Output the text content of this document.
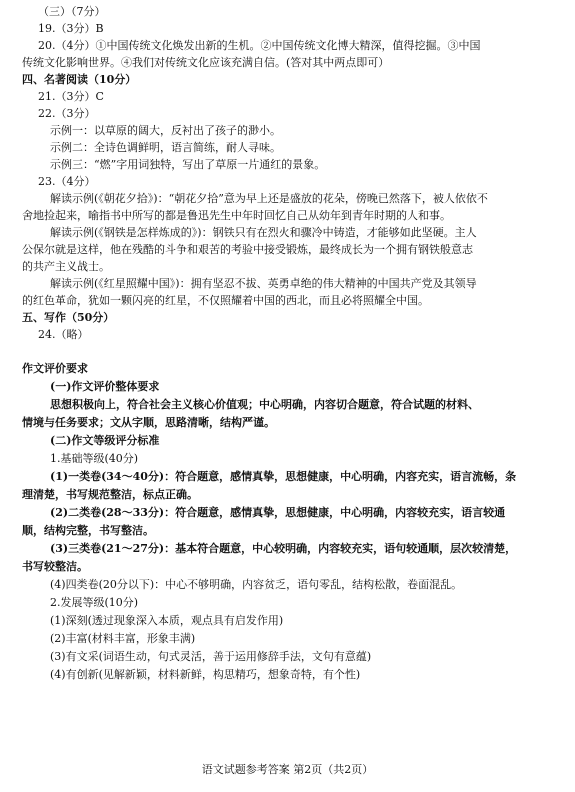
（三）（7分）
19.（3分）B
20.（4分）①中国传统文化焕发出新的生机。②中国传统文化博大精深，值得挖掘。③中国
传统文化影响世界。④我们对传统文化应该充满自信。(答对其中两点即可）
四、名著阅读（10分）
21.（3分）C
22.（3分）
示例一：以草原的阔大，反衬出了孩子的渺小。
示例二：全诗色调鲜明，语言简练，耐人寻味。
示例三：“燃”字用词独特，写出了草原一片通红的景象。
23.（4分）
解读示例(《朝花夕拾》)：“朝花夕拾”意为早上还是盛放的花朵，傍晚已然落下，被人依依不
舍地捡起来，喻指书中所写的都是鲁迅先生中年时回忆自己从幼年到青年时期的人和事。
解读示例(《钢铁是怎样炼成的》)：钢铁只有在烈火和骤冷中铸造，才能够如此坚硬。主人
公保尔就是这样，他在残酷的斗争和艰苦的考验中接受锻炼，最终成长为一个拥有钢铁般意志
的共产主义战士。
解读示例(《红星照耀中国》)：拥有坚忍不拔、英勇卓绝的伟大精神的中国共产党及其领导
的红色革命，犹如一颗闪亮的红星，不仅照耀着中国的西北，而且必将照耀全中国。
五、写作（50分）
24.（略）
作文评价要求
(一)作文评价整体要求
思想积极向上，符合社会主义核心价值观；中心明确，内容切合题意，符合试题的材料、
情境与任务要求；文从字顺，思路清晰，结构严谨。
(二)作文等级评分标准
1.基础等级(40分)
(1)一类卷(34～40分)：符合题意，感情真挚，思想健康，中心明确，内容充实，语言流畅，条
理清楚，书写规范整洁，标点正确。
(2)二类卷(28～33分)：符合题意，感情真挚，思想健康，中心明确，内容较充实，语言较通
顺，结构完整，书写整洁。
(3)三类卷(21～27分)：基本符合题意，中心较明确，内容较充实，语句较通顺，层次较清楚，
书写较整洁。
(4)四类卷(20分以下)：中心不够明确，内容贫乏，语句零乱，结构松散，卷面混乱。
2.发展等级(10分)
(1)深刻(透过现象深入本质，观点具有启发作用)
(2)丰富(材料丰富，形象丰满)
(3)有文采(词语生动，句式灵活，善于运用修辞手法，文句有意蕴)
(4)有创新(见解新颖，材料新鲜，构思精巧，想象奇特，有个性)
语文试题参考答案 第2页（共2页）
